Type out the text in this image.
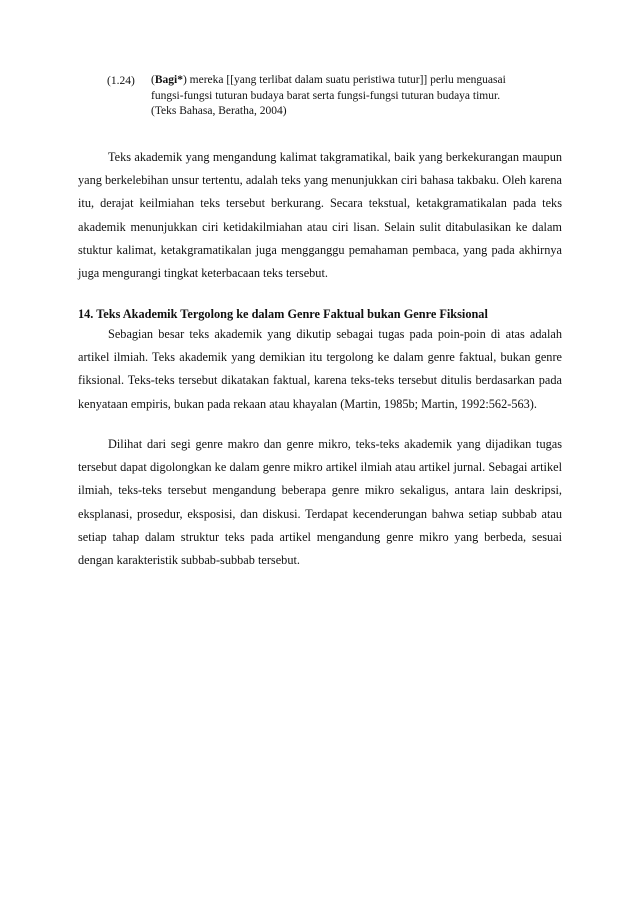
(1.24) (Bagi*) mereka [[yang terlibat dalam suatu peristiwa tutur]] perlu menguasai
fungsi-fungsi tuturan budaya barat serta fungsi-fungsi tuturan budaya timur.
(Teks Bahasa, Beratha, 2004)

Teks akademik yang mengandung kalimat takgramatikal, baik yang berkekurangan maupun yang berkelebihan unsur tertentu, adalah teks yang menunjukkan ciri bahasa takbaku. Oleh karena itu, derajat keilmiahan teks tersebut berkurang. Secara tekstual, ketakgramatikalan pada teks akademik menunjukkan ciri ketidakilmiahan atau ciri lisan. Selain sulit ditabulasikan ke dalam stuktur kalimat, ketakgramatikalan juga mengganggu pemahaman pembaca, yang pada akhirnya juga mengurangi tingkat keterbacaan teks tersebut.

14. Teks Akademik Tergolong ke dalam Genre Faktual bukan Genre Fiksional

Sebagian besar teks akademik yang dikutip sebagai tugas pada poin-poin di atas adalah artikel ilmiah. Teks akademik yang demikian itu tergolong ke dalam genre faktual, bukan genre fiksional. Teks-teks tersebut dikatakan faktual, karena teks-teks tersebut ditulis berdasarkan pada kenyataan empiris, bukan pada rekaan atau khayalan (Martin, 1985b; Martin, 1992:562-563).

Dilihat dari segi genre makro dan genre mikro, teks-teks akademik yang dijadikan tugas tersebut dapat digolongkan ke dalam genre mikro artikel ilmiah atau artikel jurnal. Sebagai artikel ilmiah, teks-teks tersebut mengandung beberapa genre mikro sekaligus, antara lain deskripsi, eksplanasi, prosedur, eksposisi, dan diskusi. Terdapat kecenderungan bahwa setiap subbab atau setiap tahap dalam struktur teks pada artikel mengandung genre mikro yang berbeda, sesuai dengan karakteristik subbab-subbab tersebut.
